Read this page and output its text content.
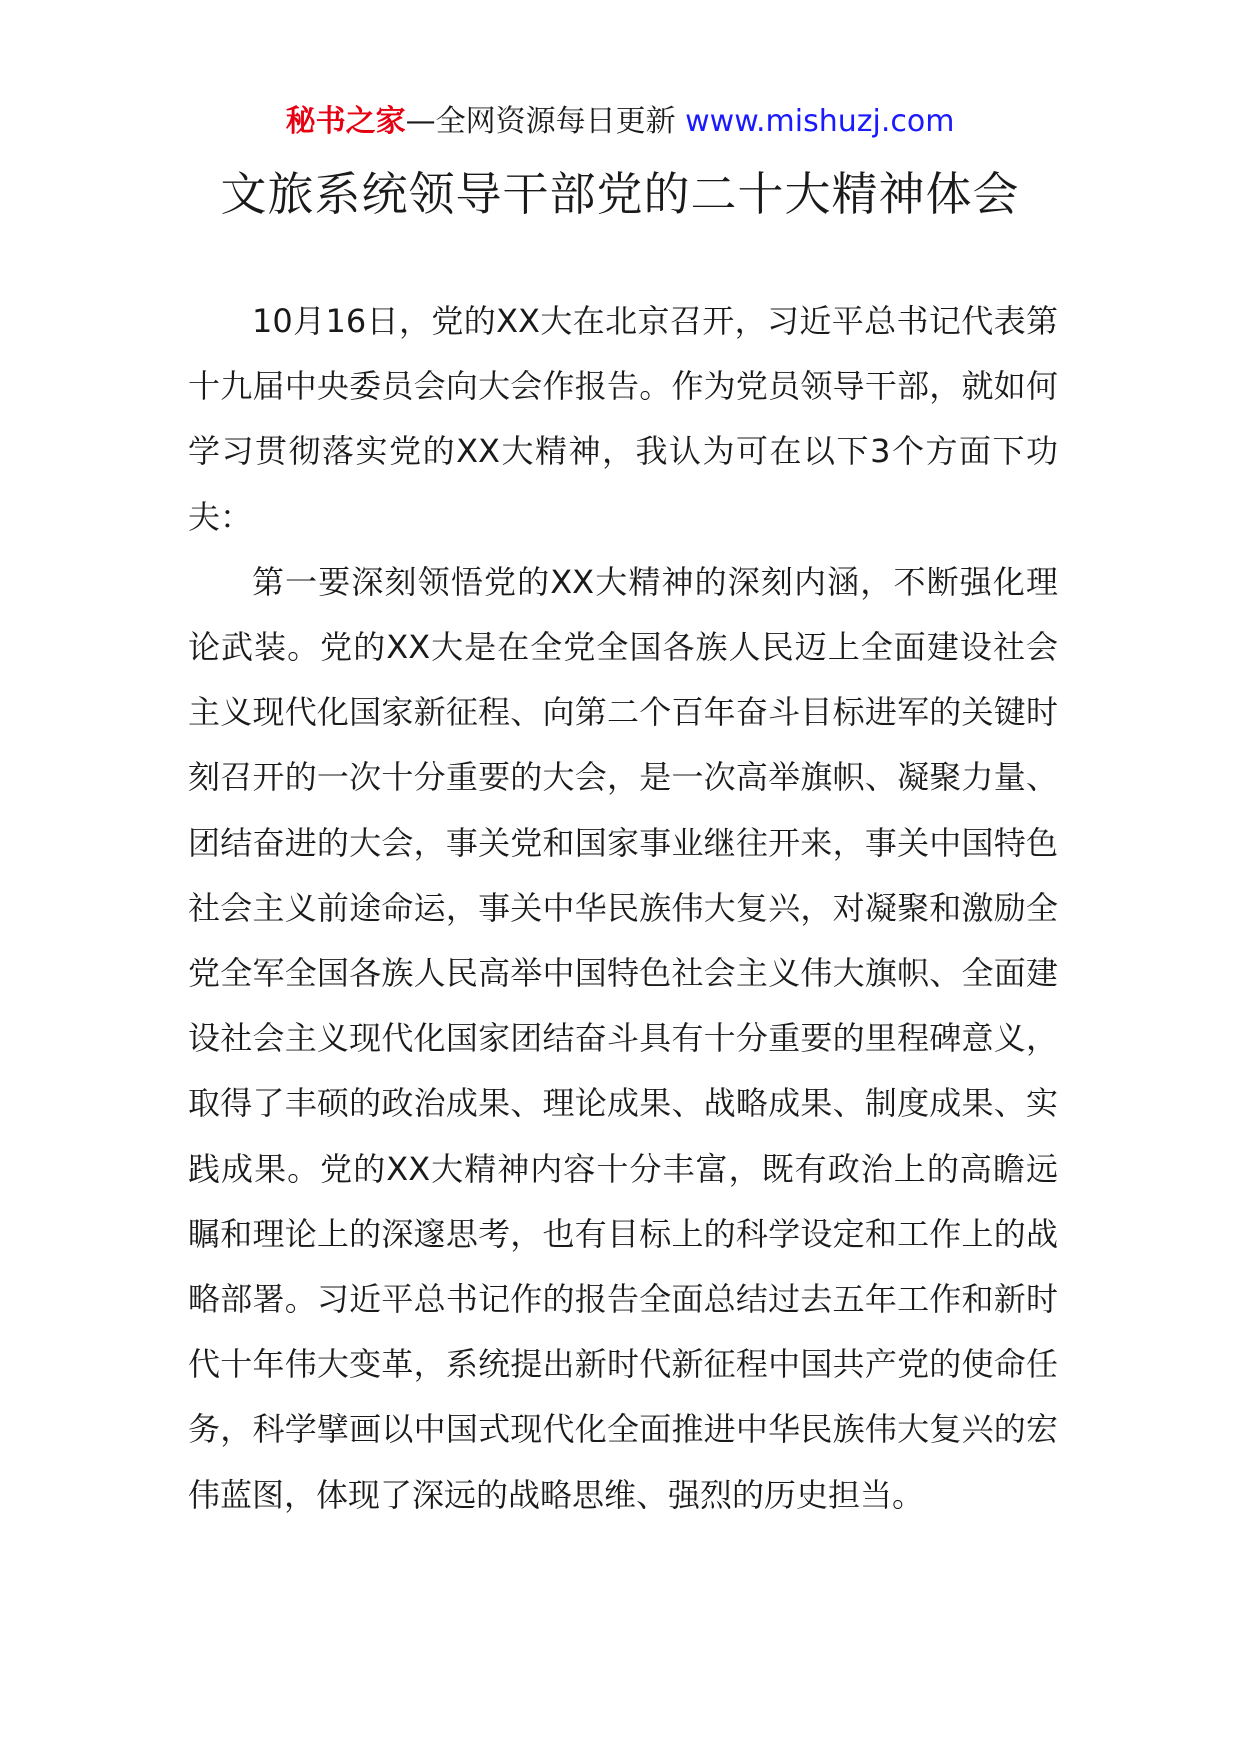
秘书之家—全网资源每日更新 www.mishuzj.com
文旅系统领导干部党的二十大精神体会

10月16日，党的XX大在北京召开，习近平总书记代表第十九届中央委员会向大会作报告。作为党员领导干部，就如何学习贯彻落实党的XX大精神，我认为可在以下3个方面下功夫：

第一要深刻领悟党的XX大精神的深刻内涵，不断强化理论武装。党的XX大是在全党全国各族人民迈上全面建设社会主义现代化国家新征程、向第二个百年奋斗目标进军的关键时刻召开的一次十分重要的大会，是一次高举旗帜、凝聚力量、团结奋进的大会，事关党和国家事业继往开来，事关中国特色社会主义前途命运，事关中华民族伟大复兴，对凝聚和激励全党全军全国各族人民高举中国特色社会主义伟大旗帜、全面建设社会主义现代化国家团结奋斗具有十分重要的里程碑意义，取得了丰硕的政治成果、理论成果、战略成果、制度成果、实践成果。党的XX大精神内容十分丰富，既有政治上的高瞻远瞩和理论上的深邃思考，也有目标上的科学设定和工作上的战略部署。习近平总书记作的报告全面总结过去五年工作和新时代十年伟大变革，系统提出新时代新征程中国共产党的使命任务，科学擘画以中国式现代化全面推进中华民族伟大复兴的宏伟蓝图，体现了深远的战略思维、强烈的历史担当。
